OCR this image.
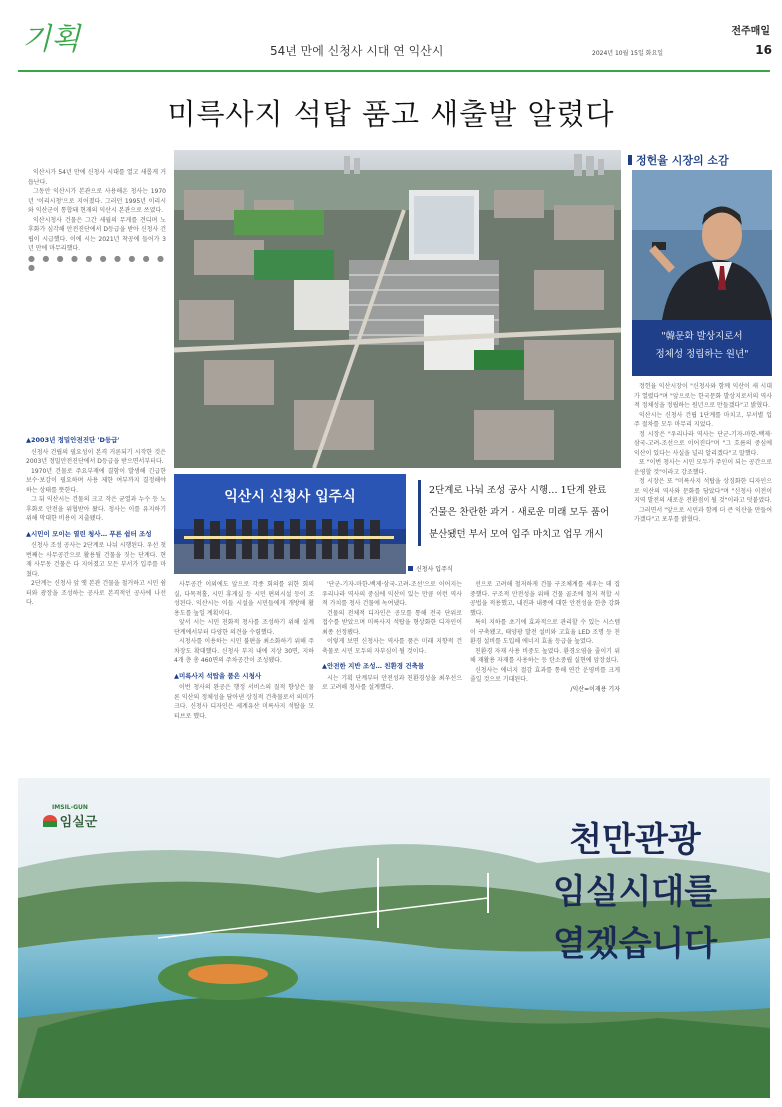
기획	54년 만에 신청사 시대 연 익산시
전주매일
2024년 10월 15일 화요일	16
미륵사지 석탑 품고 새출발 알렸다

익산시가 54년 만에 신청사 시대를 열고 새롭게 거듭난다.

그동안 익산시가 본관으로 사용해온 청사는 1970년 '이리시청'으로 지어졌다. 그러던 1995년 이리시와 익산군이 통합돼 현재의 익산시 본관으로 쓰였다.

익산시청사 건물은 그간 세월의 무게를 견디며 노후화가 심각해 안전진단에서 D등급을 받아 신청사 건립이 시급했다. 이에 시는 2021년 착공에 들어가 3년 만에 마무리했다.

● ● ● ● ● ● ● ● ● ● ●
정헌율 시장의 소감
"韓문화 발상지로서
정체성 정립하는 원년"

정헌율 익산시장이 "신청사와 함께 익산이 새 시대가 열렸다"며 "앞으로는 한국문화 발상지로서의 역사적 정체성을 정립하는 원년으로 만들겠다"고 밝혔다.

익산시는 신청사 건립 1단계를 마치고, 부서별 입주 절차를 모두 마무리 지었다.

정 시장은 "우리나라 역사는 단군-기자-마한-백제·삼국-고려-조선으로 이어진다"며 "그 흐름의 중심에 익산이 있다는 사실을 널리 알리겠다"고 말했다.

또 "이번 청사는 시민 모두가 주인이 되는 공간으로 운영할 것"이라고 강조했다.

정 시장은 또 "미륵사지 석탑을 상징화한 디자인으로 익산의 역사와 문화를 담았다"며 "신청사 이전이 지역 발전의 새로운 전환점이 될 것"이라고 덧붙였다.

그러면서 "앞으로 시민과 함께 더 큰 익산을 만들어가겠다"고 포부를 밝혔다.

익산시 신청사 입주식	2단계로 나눠 조성 공사 시행… 1단계 완료
건물은 찬란한 과거 · 새로운 미래 모두 품어
분산됐던 부서 모여 입주 마치고 업무 개시
신청사 입주식
▲2003년 정밀안전진단 'D등급'

신청사 건립의 필요성이 본격 거론되기 시작한 것은 2003년 정밀안전진단에서 D등급을 받으면서부터다.

1970년 건물로 주요부재에 결함이 발생해 긴급한 보수·보강이 필요하며 사용 제한 여부까지 결정해야 하는 상태를 뜻한다.

그 뒤 익산시는 건물의 크고 작은 균열과 누수 등 노후화로 안전을 위협받아 왔다. 청사는 이를 유지하기 위해 막대한 비용이 지출됐다.

▲시민이 모이는 열린 청사… 푸른 쉼터 조성

신청사 조성 공사는 2단계로 나눠 시행된다. 우선 첫 번째는 사무공간으로 활용될 건물을 짓는 단계다. 현재 사무동 건물은 다 지어졌고 모든 부서가 입주를 마쳤다.

2단계는 신청사 앞 옛 본관 건물을 철거하고 시민 쉼터와 광장을 조성하는 공사로 본격적인 공사에 나선다.

사무공간 이외에도 앞으로 각종 회의를 위한 회의실, 다목적홀, 시민 휴게실 등 시민 편의시설 등이 조성된다. 익산시는 이들 시설을 시민들에게 개방해 활용도를 높일 계획이다.

앞서 시는 시민 친화적 청사를 조성하기 위해 설계 단계에서부터 다양한 의견을 수렴했다.

시청사를 이용하는 시민 불편을 최소화하기 위해 주차장도 확대했다. 신청사 부지 내에 지상 30면, 지하 4개 층 총 460면의 주차공간이 조성됐다.

▲미륵사지 석탑을 품은 시청사

이번 청사의 완공은 행정 서비스의 질적 향상은 물론 익산의 정체성을 담아낸 상징적 건축물로서 의미가 크다. 신청사 디자인은 세계유산 미륵사지 석탑을 모티브로 했다.

'단군-기자-마한-백제·삼국-고려-조선'으로 이어지는 우리나라 역사의 중심에 익산이 있는 만큼 이런 역사적 가치를 청사 건물에 녹여냈다.

건물의 전체적 디자인은 공모를 통해 전국 단위로 접수를 받았으며 미륵사지 석탑을 형상화한 디자인이 최종 선정됐다.

이렇게 보면 신청사는 역사를 품은 미래 지향적 건축물로 시민 모두의 자부심이 될 것이다.

▲안전한 지반 조성… 친환경 건축물

시는 기획 단계부터 안전성과 친환경성을 최우선으로 고려해 청사를 설계했다.

선으로 고려해 철저하게 건물 구조체계를 세우는 데 집중했다. 구조적 안전성을 위해 건물 골조에 철저 적합 시공법을 적용했고, 내진과 내풍에 대한 안전성을 한층 강화했다.

특히 지하를 초기에 효과적으로 관리할 수 있는 시스템이 구축됐고, 태양광 발전 설비와 고효율 LED 조명 등 친환경 설비를 도입해 에너지 효율 등급을 높였다.

친환경 자재 사용 비중도 높였다. 환경오염을 줄이기 위해 재활용 자재를 사용하는 등 탄소중립 실현에 앞장섰다.

신청사는 에너지 절감 효과를 통해 연간 운영비를 크게 줄일 것으로 기대된다.

/익산=이재용 기자
IMSIL-GUN
임실군	천만관광
임실시대를
열겠습니다
